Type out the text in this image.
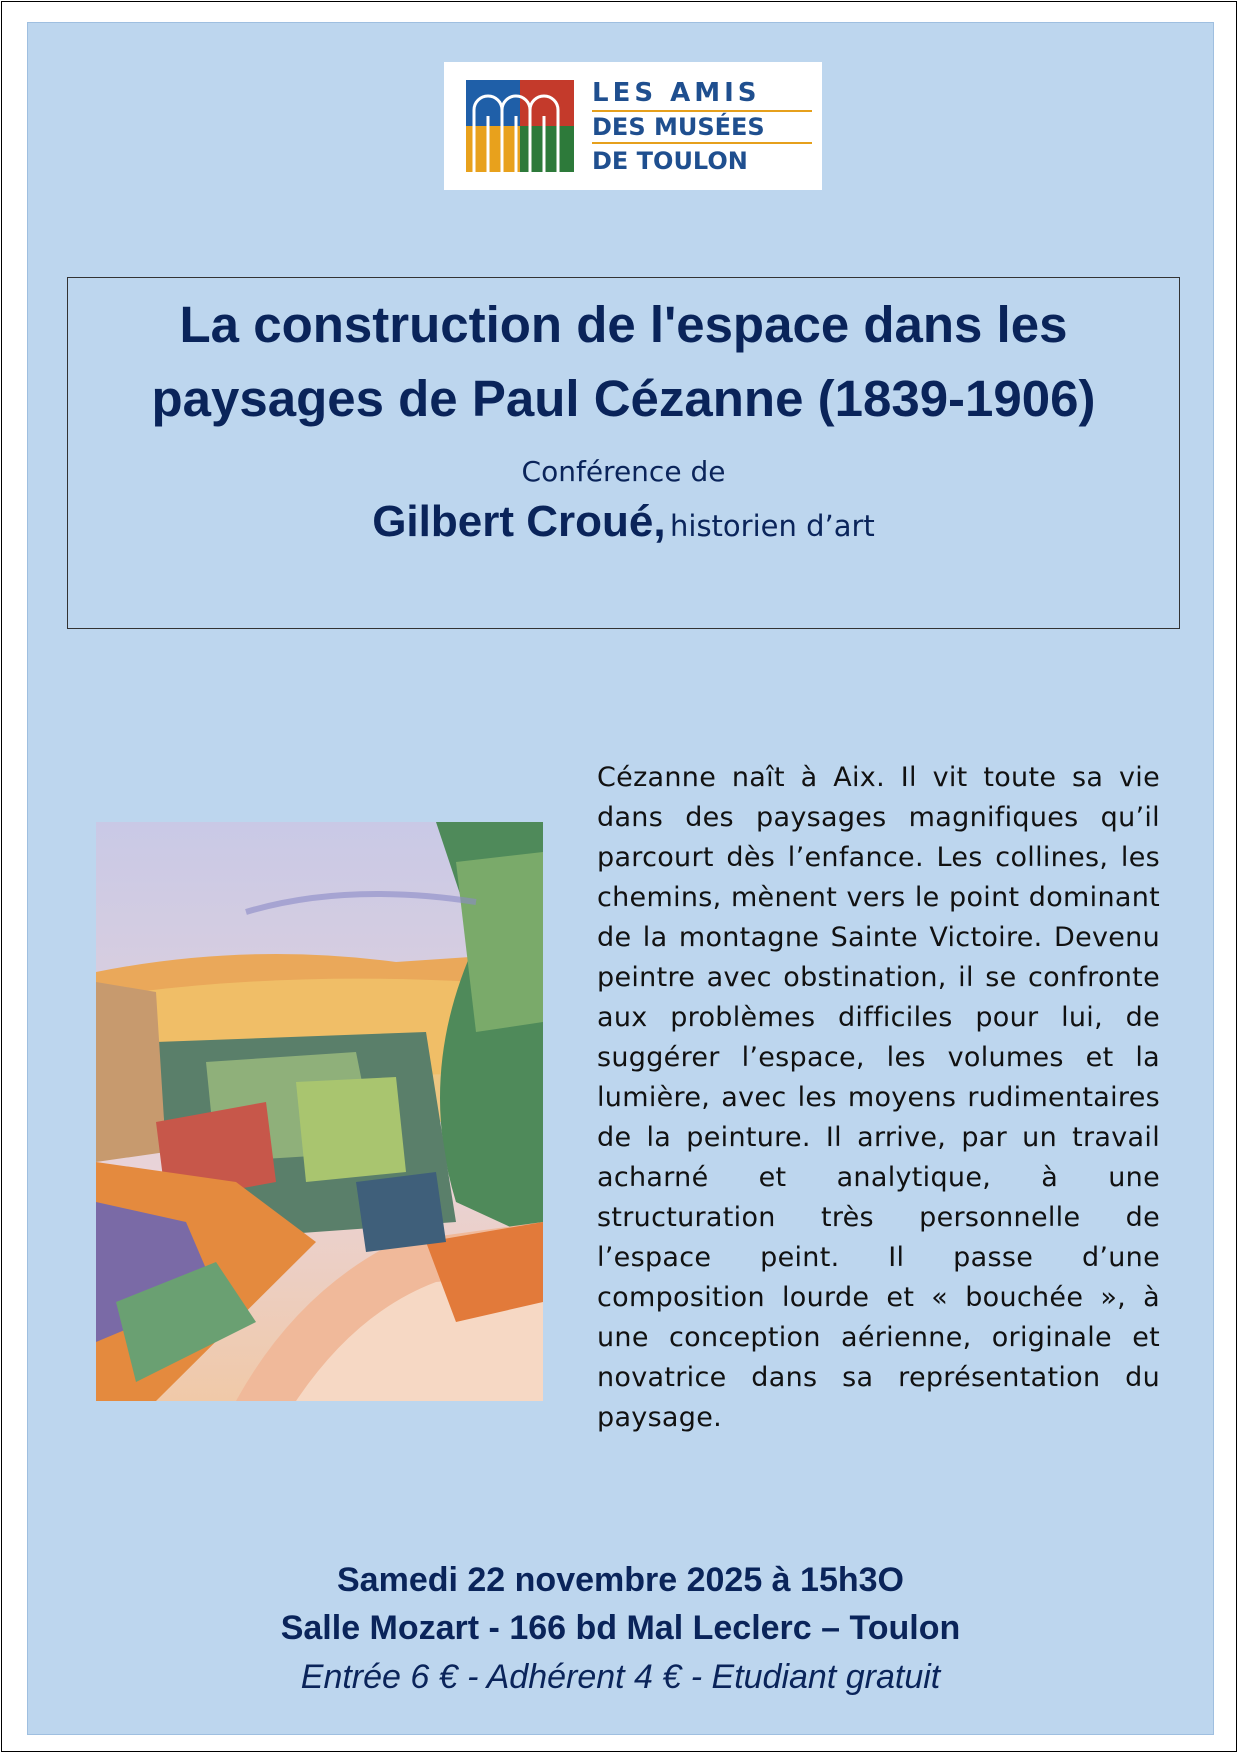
LES AMIS
DES MUSÉES
DE TOULON
La construction de l'espace dans les
paysages de Paul Cézanne (1839-1906)
Conférence de
Gilbert Croué, historien d’art
Cézanne naît à Aix. Il vit toute sa vie dans des paysages magnifiques qu’il parcourt dès l’enfance. Les collines, les chemins, mènent vers le point dominant de la montagne Sainte Victoire. Devenu peintre avec obstination, il se confronte aux problèmes difficiles pour lui, de suggérer l’espace, les volumes et la lumière, avec les moyens rudimentaires de la peinture. Il arrive, par un travail acharné et analytique, à une structuration très personnelle de l’espace peint. Il passe d’une composition lourde et « bouchée », à une conception aérienne, originale et novatrice dans sa représentation du paysage.
Samedi 22 novembre 2025 à 15h3O
Salle Mozart - 166 bd Mal Leclerc – Toulon
Entrée 6 € - Adhérent 4 € - Etudiant gratuit
